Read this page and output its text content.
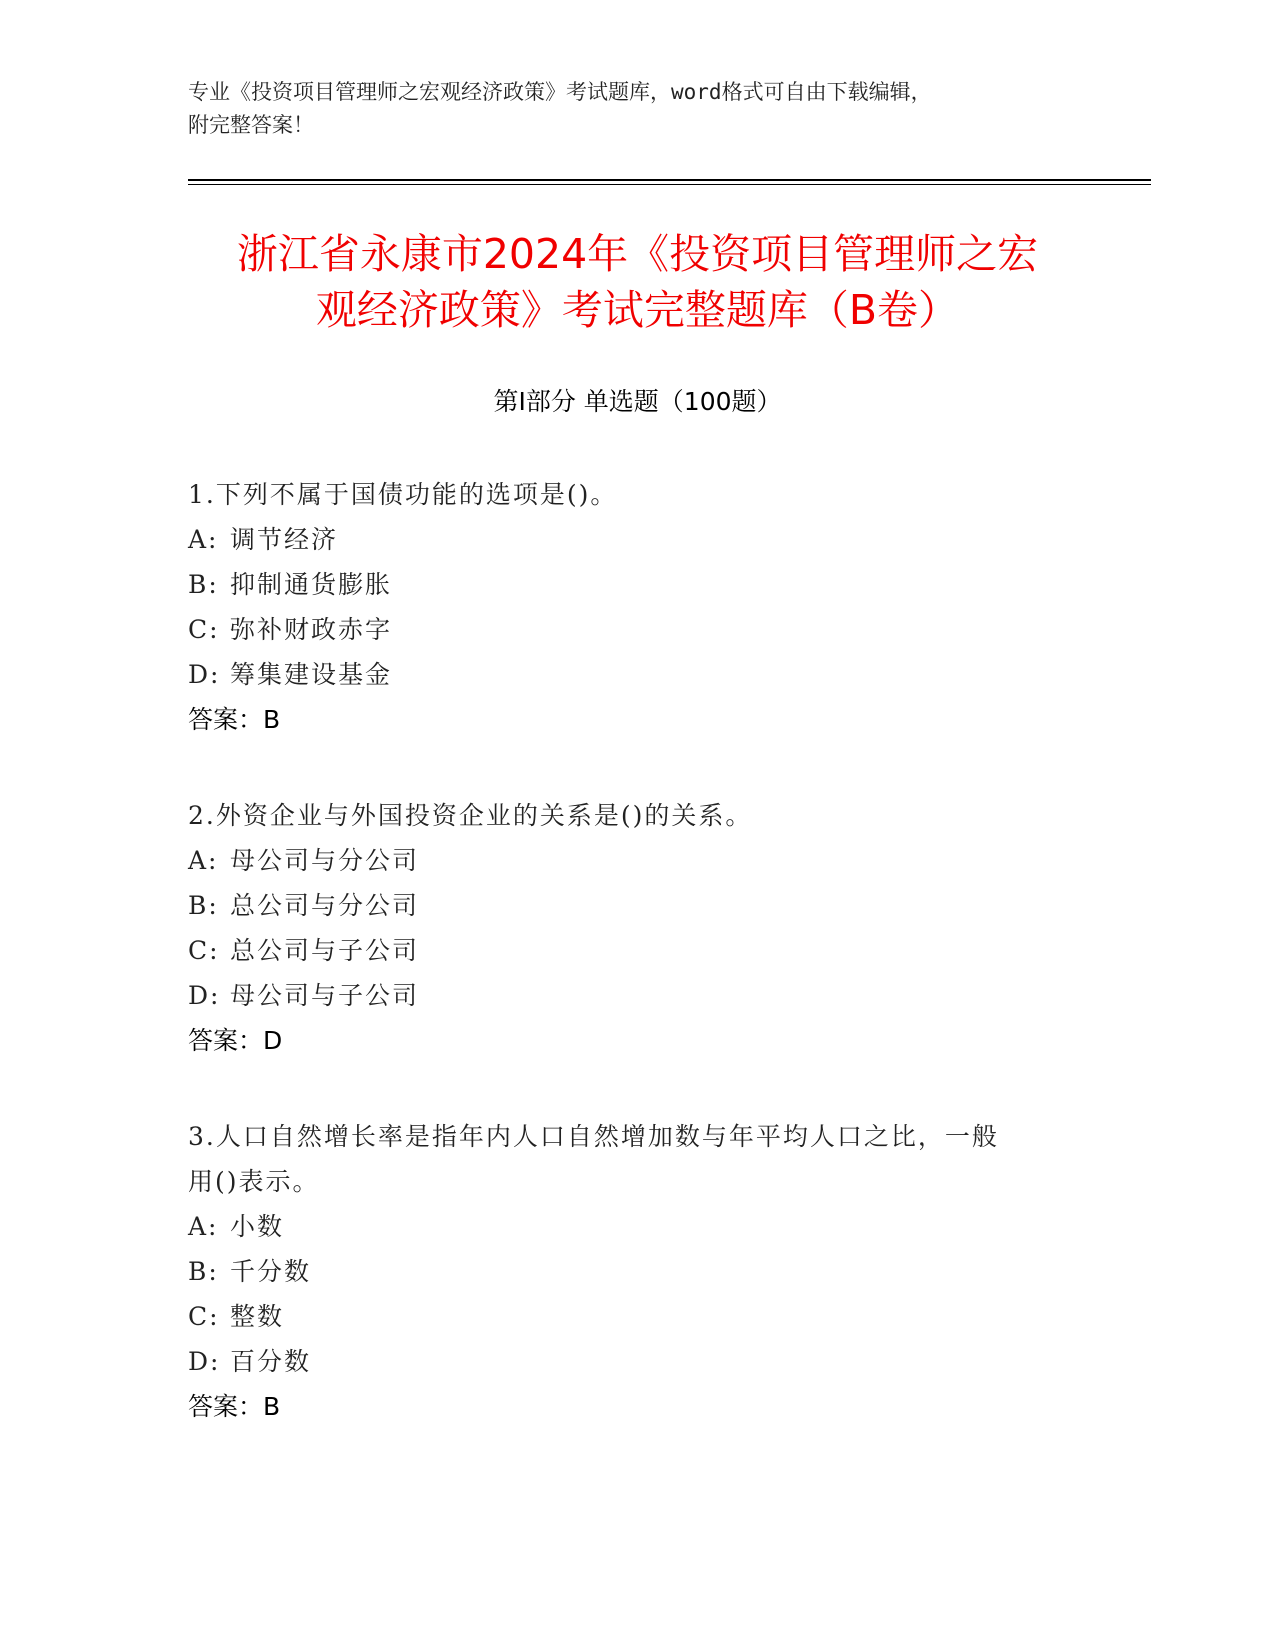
专业《投资项目管理师之宏观经济政策》考试题库，word格式可自由下载编辑，
附完整答案！
浙江省永康市2024年《投资项目管理师之宏
观经济政策》考试完整题库（B卷）
第Ⅰ部分 单选题（100题）
1.下列不属于国债功能的选项是()。
A: 调节经济
B: 抑制通货膨胀
C: 弥补财政赤字
D: 筹集建设基金
答案：B
2.外资企业与外国投资企业的关系是()的关系。
A: 母公司与分公司
B: 总公司与分公司
C: 总公司与子公司
D: 母公司与子公司
答案：D
3.人口自然增长率是指年内人口自然增加数与年平均人口之比，一般
用()表示。
A: 小数
B: 千分数
C: 整数
D: 百分数
答案：B
